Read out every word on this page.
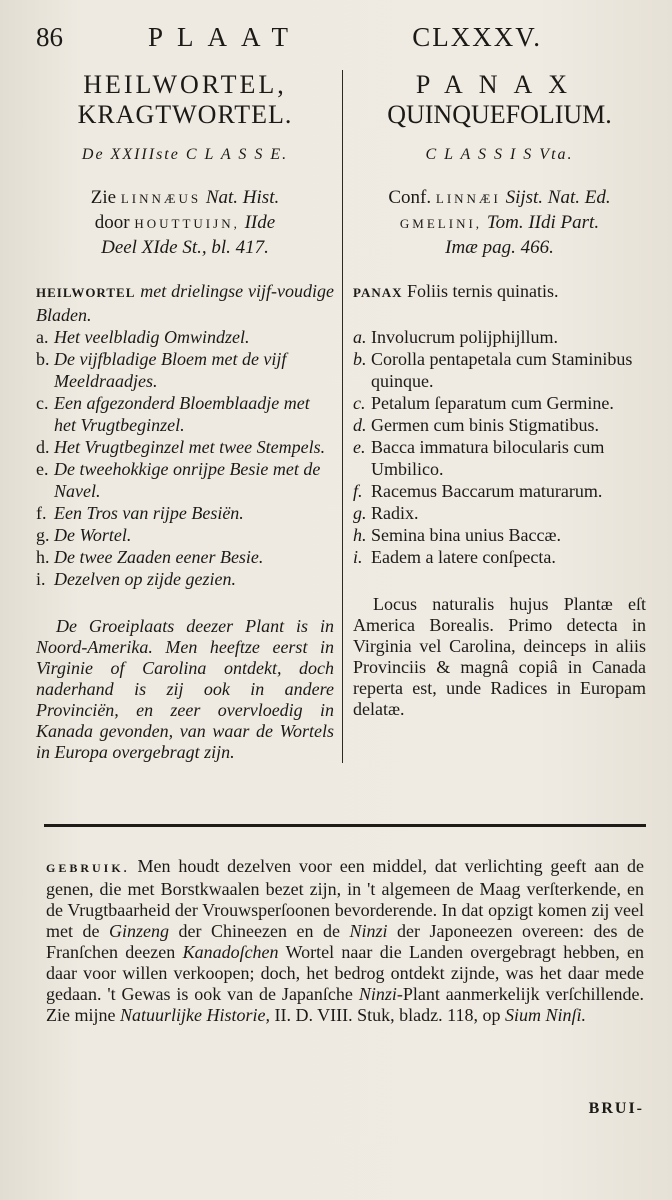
86	PLAAT	CLXXXV.
HEILWORTEL,
KRAGTWORTEL.
De XXIIIste C L A S S E.
Zie LINNÆUS Nat. Hist.
door HOUTTUIJN, IIde
Deel XIde St., bl. 417.
HEILWORTEL met drielingse vijf-voudige Bladen.
a. Het veelbladig Omwindzel.
b. De vijfbladige Bloem met de vijf Meeldraadjes.
c. Een afgezonderd Bloemblaadje met het Vrugtbeginzel.
d. Het Vrugtbeginzel met twee Stempels.
e. De tweehokkige onrijpe Besie met de Navel.
f. Een Tros van rijpe Besiën.
g. De Wortel.
h. De twee Zaaden eener Besie.
i. Dezelven op zijde gezien.
De Groeiplaats deezer Plant is in Noord-Amerika. Men heeftze eerst in Virginie of Carolina ontdekt, doch naderhand is zij ook in andere Provinciën, en zeer overvloedig in Kanada gevonden, van waar de Wortels in Europa overgebragt zijn.
PANAX
QUINQUEFOLIUM.
C L A S S I S Vta.
Conf. LINNÆI Sijst. Nat. Ed.
GMELINI, Tom. IIdi Part.
Imæ pag. 466.
PANAX Foliis ternis quinatis.
a. Involucrum polijphijllum.
b. Corolla pentapetala cum Staminibus quinque.
c. Petalum ſeparatum cum Germine.
d. Germen cum binis Stigmatibus.
e. Bacca immatura bilocularis cum Umbilico.
f. Racemus Baccarum maturarum.
g. Radix.
h. Semina bina unius Baccæ.
i. Eadem a latere conſpecta.
Locus naturalis hujus Plantæ eſt America Borealis. Primo detecta in Virginia vel Carolina, deinceps in aliis Provinciis & magnâ copiâ in Canada reperta est, unde Radices in Europam delatæ.
GEBRUIK. Men houdt dezelven voor een middel, dat verlichting geeft aan de genen, die met Borstkwaalen bezet zijn, in 't algemeen de Maag verſterkende, en de Vrugtbaarheid der Vrouwsperſoonen bevorderende. In dat opzigt komen zij veel met de Ginzeng der Chineezen en de Ninzi der Japoneezen overeen: des de Franſchen deezen Kanadoſchen Wortel naar die Landen overgebragt hebben, en daar voor willen verkoopen; doch, het bedrog ontdekt zijnde, was het daar mede gedaan. 't Gewas is ook van de Japanſche Ninzi-Plant aanmerkelijk verſchillende. Zie mijne Natuurlijke Historie, II. D. VIII. Stuk, bladz. 118, op Sium Ninſi.
BRUI-
